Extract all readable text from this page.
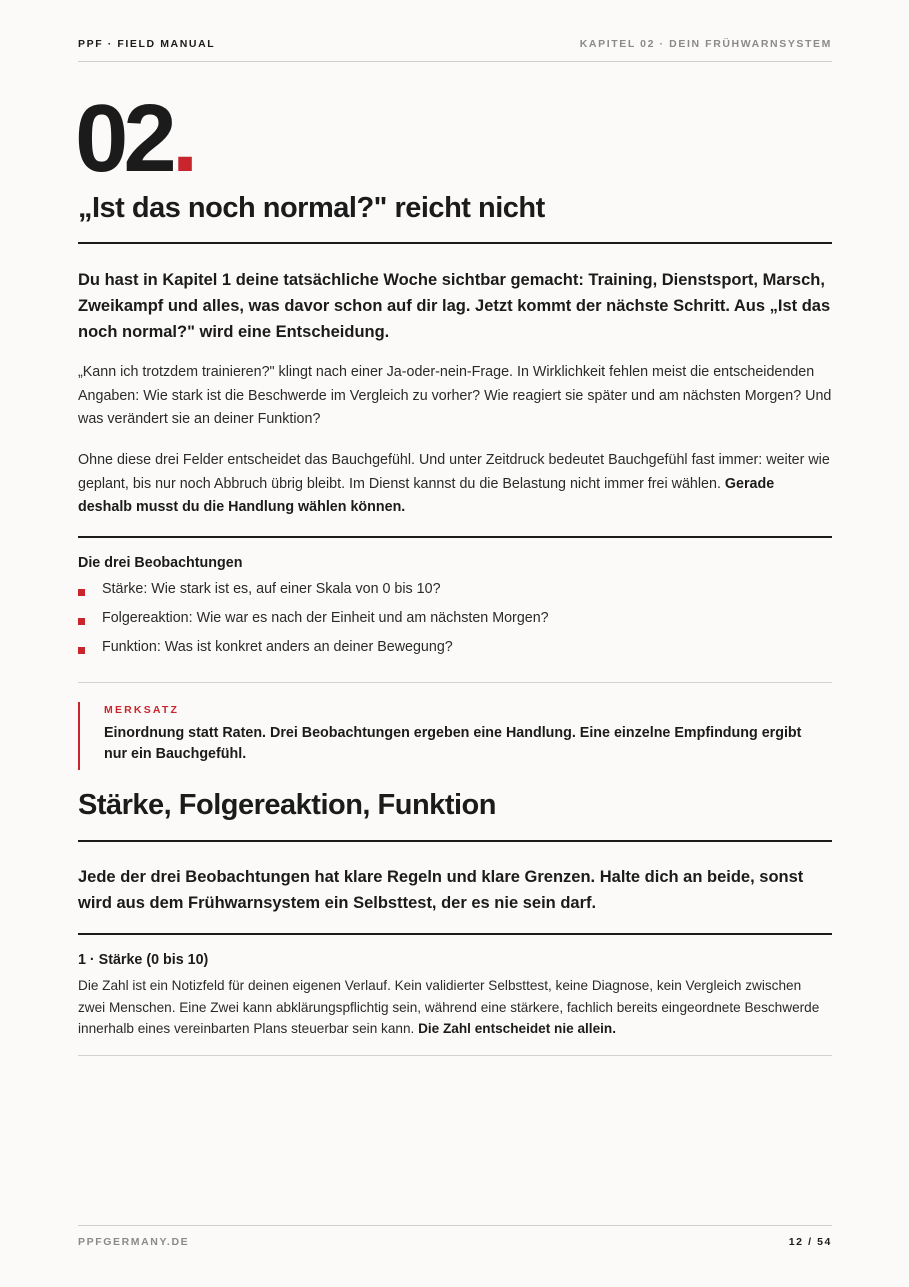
PPF · FIELD MANUAL	KAPITEL 02 · DEIN FRÜHWARNSYSTEM
02.
„Ist das noch normal?" reicht nicht

Du hast in Kapitel 1 deine tatsächliche Woche sichtbar gemacht: Training, Dienstsport, Marsch, Zweikampf und alles, was davor schon auf dir lag. Jetzt kommt der nächste Schritt. Aus „Ist das noch normal?" wird eine Entscheidung.

„Kann ich trotzdem trainieren?" klingt nach einer Ja-oder-nein-Frage. In Wirklichkeit fehlen meist die entscheidenden Angaben: Wie stark ist die Beschwerde im Vergleich zu vorher? Wie reagiert sie später und am nächsten Morgen? Und was verändert sie an deiner Funktion?

Ohne diese drei Felder entscheidet das Bauchgefühl. Und unter Zeitdruck bedeutet Bauchgefühl fast immer: weiter wie geplant, bis nur noch Abbruch übrig bleibt. Im Dienst kannst du die Belastung nicht immer frei wählen. Gerade deshalb musst du die Handlung wählen können.

Die drei Beobachtungen
Stärke: Wie stark ist es, auf einer Skala von 0 bis 10?
Folgereaktion: Wie war es nach der Einheit und am nächsten Morgen?
Funktion: Was ist konkret anders an deiner Bewegung?
MERKSATZ

Einordnung statt Raten. Drei Beobachtungen ergeben eine Handlung. Eine einzelne Empfindung ergibt nur ein Bauchgefühl.

Stärke, Folgereaktion, Funktion

Jede der drei Beobachtungen hat klare Regeln und klare Grenzen. Halte dich an beide, sonst wird aus dem Frühwarnsystem ein Selbsttest, der es nie sein darf.

1 · Stärke (0 bis 10)

Die Zahl ist ein Notizfeld für deinen eigenen Verlauf. Kein validierter Selbsttest, keine Diagnose, kein Vergleich zwischen zwei Menschen. Eine Zwei kann abklärungspflichtig sein, während eine stärkere, fachlich bereits eingeordnete Beschwerde innerhalb eines vereinbarten Plans steuerbar sein kann. Die Zahl entscheidet nie allein.

PPFGERMANY.DE	12 / 54
